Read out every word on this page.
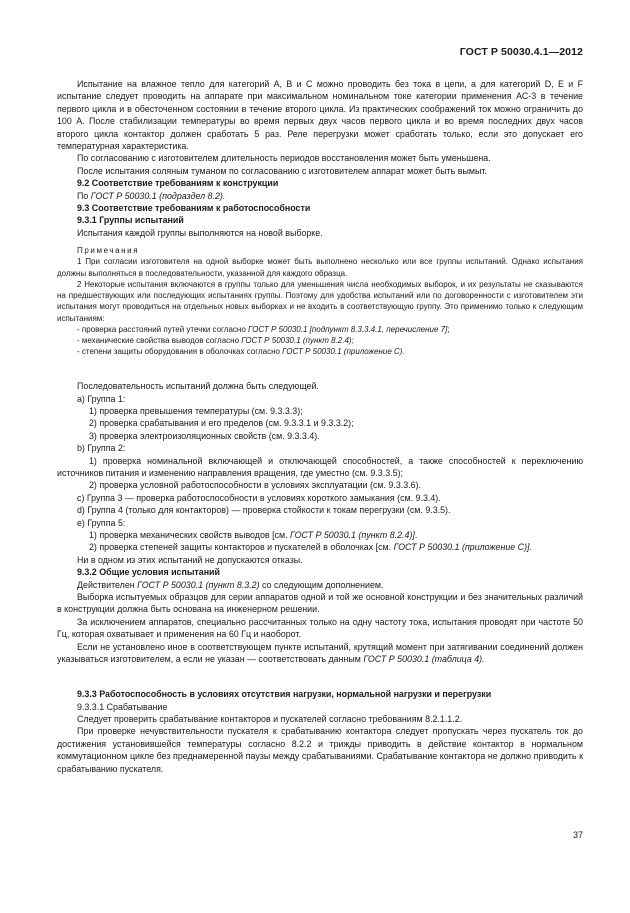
ГОСТ Р 50030.4.1—2012

Испытание на влажное тепло для категорий А, В и С можно проводить без тока в цепи, а для категорий D, Е и F испытание следует проводить на аппарате при максимальном номинальном токе категории применения АС-3 в течение первого цикла и в обесточенном состоянии в течение второго цикла. Из практических соображений ток можно ограничить до 100 А. После стабилизации температуры во время первых двух часов первого цикла и во время последних двух часов второго цикла контактор должен сработать 5 раз. Реле перегрузки может сработать только, если это допускает его температурная характеристика.

По согласованию с изготовителем длительность периодов восстановления может быть уменьшена.

После испытания соляным туманом по согласованию с изготовителем аппарат может быть вымыт.

9.2 Соответствие требованиям к конструкции

По ГОСТ Р 50030.1 (подраздел 8.2).

9.3 Соответствие требованиям к работоспособности

9.3.1 Группы испытаний

Испытания каждой группы выполняются на новой выборке.

Примечания

1 При согласии изготовителя на одной выборке может быть выполнено несколько или все группы испытаний. Однако испытания должны выполняться в последовательности, указанной для каждого образца.

2 Некоторые испытания включаются в группы только для уменьшения числа необходимых выборок, и их результаты не сказываются на предшествующих или последующих испытаниях группы. Поэтому для удобства испытаний или по договоренности с изготовителем эти испытания могут проводиться на отдельных новых выборках и не входить в соответствующую группу. Это применимо только к следующим испытаниям:

- проверка расстояний путей утечки согласно ГОСТ Р 50030.1 [подпункт 8.3.3.4.1, перечисление 7];

- механические свойства выводов согласно ГОСТ Р 50030.1 (пункт 8.2.4);

- степени защиты оборудования в оболочках согласно ГОСТ Р 50030.1 (приложение С).

Последовательность испытаний должна быть следующей.

a) Группа 1:

1) проверка превышения температуры (см. 9.3.3.3);

2) проверка срабатывания и его пределов (см. 9.3.3.1 и 9.3.3.2);

3) проверка электроизоляционных свойств (см. 9.3.3.4).

b) Группа 2:

1) проверка номинальной включающей и отключающей способностей, а также способностей к переключению источников питания и изменению направления вращения, где уместно (см. 9.3.3.5);

2) проверка условной работоспособности в условиях эксплуатации (см. 9.3.3.6).

с) Группа 3 — проверка работоспособности в условиях короткого замыкания (см. 9.3.4).

d) Группа 4 (только для контакторов) — проверка стойкости к токам перегрузки (см. 9.3.5).

е) Группа 5:

1) проверка механических свойств выводов [см. ГОСТ Р 50030.1 (пункт 8.2.4)].

2) проверка степеней защиты контакторов и пускателей в оболочках [см. ГОСТ Р 50030.1 (приложение С)].

Ни в одном из этих испытаний не допускаются отказы.

9.3.2 Общие условия испытаний

Действителен ГОСТ Р 50030.1 (пункт 8.3.2) со следующим дополнением.

Выборка испытуемых образцов для серии аппаратов одной и той же основной конструкции и без значительных различий в конструкции должна быть основана на инженерном решении.

За исключением аппаратов, специально рассчитанных только на одну частоту тока, испытания проводят при частоте 50 Гц, которая охватывает и применения на 60 Гц и наоборот.

Если не установлено иное в соответствующем пункте испытаний, крутящий момент при затягивании соединений должен указываться изготовителем, а если не указан — соответствовать данным ГОСТ Р 50030.1 (таблица 4).

9.3.3 Работоспособность в условиях отсутствия нагрузки, нормальной нагрузки и перегрузки

9.3.3.1 Срабатывание

Следует проверить срабатывание контакторов и пускателей согласно требованиям 8.2.1.1.2.

При проверке нечувствительности пускателя к срабатыванию контактора следует пропускать через пускатель ток до достижения установившейся температуры согласно 8.2.2 и трижды приводить в действие контактор в нормальном коммутационном цикле без преднамеренной паузы между срабатываниями. Срабатывание контактора не должно приводить к срабатыванию пускателя.

37
